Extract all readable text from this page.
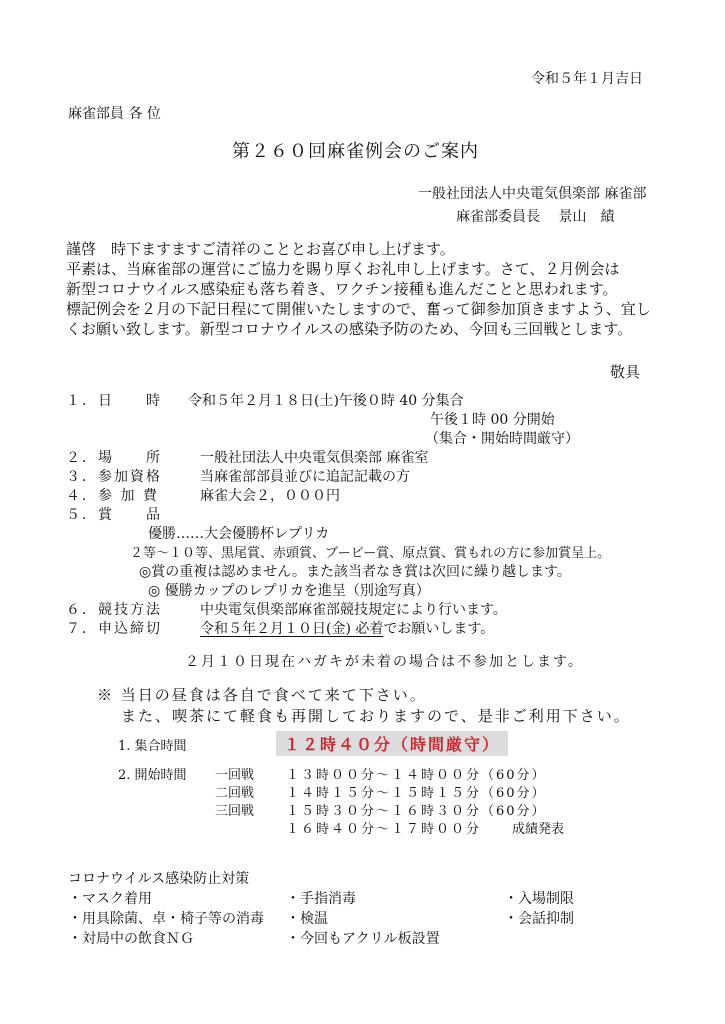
令和５年１月吉日
麻雀部員 各 位
第２６０回麻雀例会のご案内
一般社団法人中央電気倶楽部 麻雀部
麻雀部委員長　 景山　績
謹啓　時下ますますご清祥のこととお喜び申し上げます。
平素は、当麻雀部の運営にご協力を賜り厚くお礼申し上げます。さて、２月例会は
新型コロナウイルス感染症も落ち着き、ワクチン接種も進んだことと思われます。
標記例会を２月の下記日程にて開催いたしますので、奮って御参加頂きますよう、宜し
くお願い致します。新型コロナウイルスの感染予防のため、今回も三回戦とします。
敬具
１．日　　時 令和５年２月１８日(土)午後０時 40 分集合
午後１時 00 分開始
（集合・開始時間厳守）
２．場　　所	一般社団法人中央電気倶楽部 麻雀室
３．参加資格	当麻雀部部員並びに追記記載の方
４．参 加 費	麻雀大会２，０００円
５．賞　　品
優勝……大会優勝杯レプリカ
２等～１０等、黒尾賞、赤頭賞、ブービー賞、原点賞、賞もれの方に参加賞呈上。
◎賞の重複は認めません。また該当者なき賞は次回に繰り越します。
◎ 優勝カップのレプリカを進呈（別途写真）
６．競技方法	中央電気倶楽部麻雀部競技規定により行います。
７．申込締切	令和５年２月１０日(金) 必着でお願いします。
２月１０日現在ハガキが未着の場合は不参加とします。
※ 当日の昼食は各自で食べて来て下さい。
また、喫茶にて軽食も再開しておりますので、是非ご利用下さい。
1. 集合時間	１２時４０分（時間厳守）
2. 開始時間 一回戦 １３時００分～１４時００分（60分）
二回戦 １４時１５分～１５時１５分（60分）
三回戦 １５時３０分～１６時３０分（60分）
１６時４０分～１７時００分 成績発表
コロナウイルス感染防止対策
・マスク着用	・手指消毒	・入場制限
・用具除菌、卓・椅子等の消毒 ・検温	・会話抑制
・対局中の飲食ＮＧ	・今回もアクリル板設置
